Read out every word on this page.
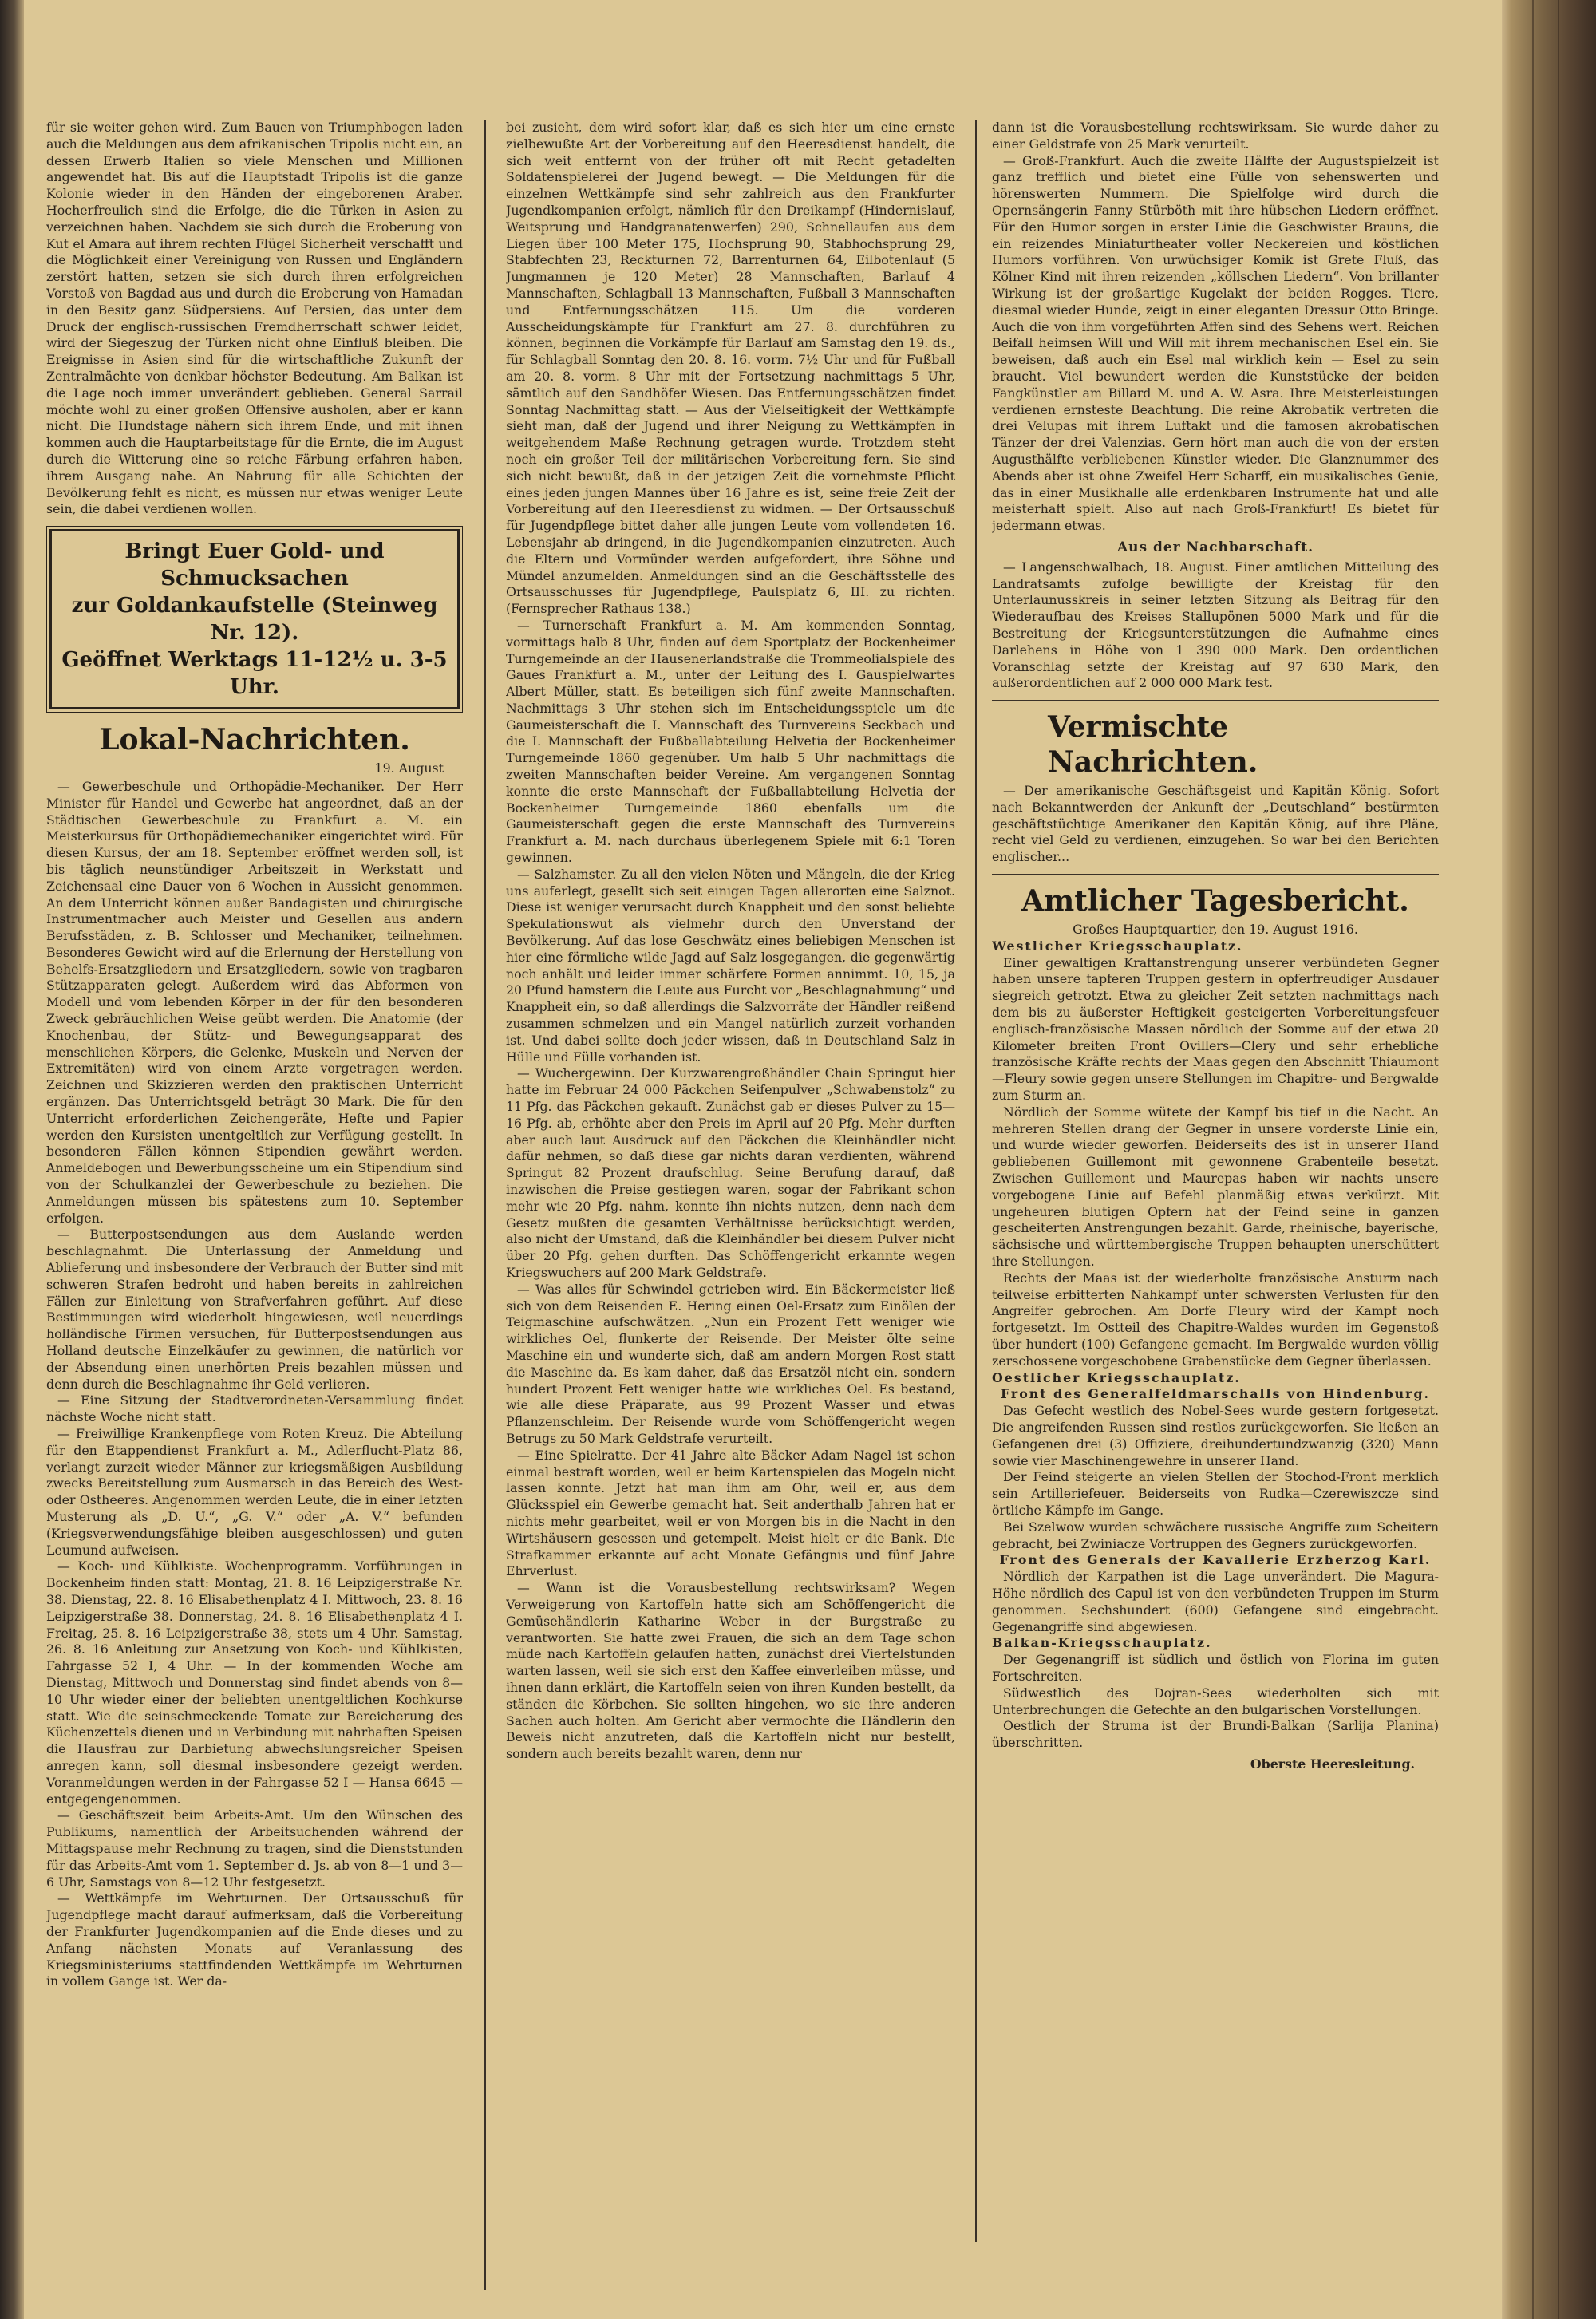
für sie weiter gehen wird. Zum Bauen von Triumphbogen laden auch die Meldungen aus dem afrikanischen Tripolis nicht ein, an dessen Erwerb Italien so viele Menschen und Millionen angewendet hat. Bis auf die Hauptstadt Tripolis ist die ganze Kolonie wieder in den Händen der eingeborenen Araber. Hocherfreulich sind die Erfolge, die die Türken in Asien zu verzeichnen haben. Nachdem sie sich durch die Eroberung von Kut el Amara auf ihrem rechten Flügel Sicherheit verschafft und die Möglichkeit einer Vereinigung von Russen und Engländern zerstört hatten, setzen sie sich durch ihren erfolgreichen Vorstoß von Bagdad aus und durch die Eroberung von Hamadan in den Besitz ganz Südpersiens. Auf Persien, das unter dem Druck der englisch-russischen Fremdherrschaft schwer leidet, wird der Siegeszug der Türken nicht ohne Einfluß bleiben. Die Ereignisse in Asien sind für die wirtschaftliche Zukunft der Zentralmächte von denkbar höchster Bedeutung. Am Balkan ist die Lage noch immer unverändert geblieben. General Sarrail möchte wohl zu einer großen Offensive ausholen, aber er kann nicht. Die Hundstage nähern sich ihrem Ende, und mit ihnen kommen auch die Hauptarbeitstage für die Ernte, die im August durch die Witterung eine so reiche Färbung erfahren haben, ihrem Ausgang nahe. An Nahrung für alle Schichten der Bevölkerung fehlt es nicht, es müssen nur etwas weniger Leute sein, die dabei verdienen wollen.

Bringt Euer Gold- und Schmucksachen
zur Goldankaufstelle (Steinweg Nr. 12).
Geöffnet Werktags 11-12½ u. 3-5 Uhr.
Lokal-Nachrichten.
19. August

— Gewerbeschule und Orthopädie-Mechaniker. Der Herr Minister für Handel und Gewerbe hat angeordnet, daß an der Städtischen Gewerbeschule zu Frankfurt a. M. ein Meisterkursus für Orthopädiemechaniker eingerichtet wird. Für diesen Kursus, der am 18. September eröffnet werden soll, ist bis täglich neunstündiger Arbeitszeit in Werkstatt und Zeichensaal eine Dauer von 6 Wochen in Aussicht genommen. An dem Unterricht können außer Bandagisten und chirurgische Instrumentmacher auch Meister und Gesellen aus andern Berufsstäden, z. B. Schlosser und Mechaniker, teilnehmen. Besonderes Gewicht wird auf die Erlernung der Herstellung von Behelfs-Ersatzgliedern und Ersatzgliedern, sowie von tragbaren Stützapparaten gelegt. Außerdem wird das Abformen von Modell und vom lebenden Körper in der für den besonderen Zweck gebräuchlichen Weise geübt werden. Die Anatomie (der Knochenbau, der Stütz- und Bewegungsapparat des menschlichen Körpers, die Gelenke, Muskeln und Nerven der Extremitäten) wird von einem Arzte vorgetragen werden. Zeichnen und Skizzieren werden den praktischen Unterricht ergänzen. Das Unterrichtsgeld beträgt 30 Mark. Die für den Unterricht erforderlichen Zeichengeräte, Hefte und Papier werden den Kursisten unentgeltlich zur Verfügung gestellt. In besonderen Fällen können Stipendien gewährt werden. Anmeldebogen und Bewerbungsscheine um ein Stipendium sind von der Schulkanzlei der Gewerbeschule zu beziehen. Die Anmeldungen müssen bis spätestens zum 10. September erfolgen.

— Butterpostsendungen aus dem Auslande werden beschlagnahmt. Die Unterlassung der Anmeldung und Ablieferung und insbesondere der Verbrauch der Butter sind mit schweren Strafen bedroht und haben bereits in zahlreichen Fällen zur Einleitung von Strafverfahren geführt. Auf diese Bestimmungen wird wiederholt hingewiesen, weil neuerdings holländische Firmen versuchen, für Butterpostsendungen aus Holland deutsche Einzelkäufer zu gewinnen, die natürlich vor der Absendung einen unerhörten Preis bezahlen müssen und denn durch die Beschlagnahme ihr Geld verlieren.

— Eine Sitzung der Stadtverordneten-Versammlung findet nächste Woche nicht statt.

— Freiwillige Krankenpflege vom Roten Kreuz. Die Abteilung für den Etappendienst Frankfurt a. M., Adlerflucht-Platz 86, verlangt zurzeit wieder Männer zur kriegsmäßigen Ausbildung zwecks Bereitstellung zum Ausmarsch in das Bereich des West- oder Ostheeres. Angenommen werden Leute, die in einer letzten Musterung als „D. U.“, „G. V.“ oder „A. V.“ befunden (Kriegsverwendungsfähige bleiben ausgeschlossen) und guten Leumund aufweisen.

— Koch- und Kühlkiste. Wochenprogramm. Vorführungen in Bockenheim finden statt: Montag, 21. 8. 16 Leipzigerstraße Nr. 38. Dienstag, 22. 8. 16 Elisabethenplatz 4 I. Mittwoch, 23. 8. 16 Leipzigerstraße 38. Donnerstag, 24. 8. 16 Elisabethenplatz 4 I. Freitag, 25. 8. 16 Leipzigerstraße 38, stets um 4 Uhr. Samstag, 26. 8. 16 Anleitung zur Ansetzung von Koch- und Kühlkisten, Fahrgasse 52 I, 4 Uhr. — In der kommenden Woche am Dienstag, Mittwoch und Donnerstag sind findet abends von 8—10 Uhr wieder einer der beliebten unentgeltlichen Kochkurse statt. Wie die seinschmeckende Tomate zur Bereicherung des Küchenzettels dienen und in Verbindung mit nahrhaften Speisen die Hausfrau zur Darbietung abwechslungsreicher Speisen anregen kann, soll diesmal insbesondere gezeigt werden. Voranmeldungen werden in der Fahrgasse 52 I — Hansa 6645 — entgegengenommen.

— Geschäftszeit beim Arbeits-Amt. Um den Wünschen des Publikums, namentlich der Arbeitsuchenden während der Mittagspause mehr Rechnung zu tragen, sind die Dienststunden für das Arbeits-Amt vom 1. September d. Js. ab von 8—1 und 3—6 Uhr, Samstags von 8—12 Uhr festgesetzt.

— Wettkämpfe im Wehrturnen. Der Ortsausschuß für Jugendpflege macht darauf aufmerksam, daß die Vorbereitung der Frankfurter Jugendkompanien auf die Ende dieses und zu Anfang nächsten Monats auf Veranlassung des Kriegsministeriums stattfindenden Wettkämpfe im Wehrturnen in vollem Gange ist. Wer da-

bei zusieht, dem wird sofort klar, daß es sich hier um eine ernste zielbewußte Art der Vorbereitung auf den Heeresdienst handelt, die sich weit entfernt von der früher oft mit Recht getadelten Soldatenspielerei der Jugend bewegt. — Die Meldungen für die einzelnen Wettkämpfe sind sehr zahlreich aus den Frankfurter Jugendkompanien erfolgt, nämlich für den Dreikampf (Hindernislauf, Weitsprung und Handgranatenwerfen) 290, Schnellaufen aus dem Liegen über 100 Meter 175, Hochsprung 90, Stabhochsprung 29, Stabfechten 23, Reckturnen 72, Barrenturnen 64, Eilbotenlauf (5 Jungmannen je 120 Meter) 28 Mannschaften, Barlauf 4 Mannschaften, Schlagball 13 Mannschaften, Fußball 3 Mannschaften und Entfernungsschätzen 115. Um die vorderen Ausscheidungskämpfe für Frankfurt am 27. 8. durchführen zu können, beginnen die Vorkämpfe für Barlauf am Samstag den 19. ds., für Schlagball Sonntag den 20. 8. 16. vorm. 7½ Uhr und für Fußball am 20. 8. vorm. 8 Uhr mit der Fortsetzung nachmittags 5 Uhr, sämtlich auf den Sandhöfer Wiesen. Das Entfernungsschätzen findet Sonntag Nachmittag statt. — Aus der Vielseitigkeit der Wettkämpfe sieht man, daß der Jugend und ihrer Neigung zu Wettkämpfen in weitgehendem Maße Rechnung getragen wurde. Trotzdem steht noch ein großer Teil der militärischen Vorbereitung fern. Sie sind sich nicht bewußt, daß in der jetzigen Zeit die vornehmste Pflicht eines jeden jungen Mannes über 16 Jahre es ist, seine freie Zeit der Vorbereitung auf den Heeresdienst zu widmen. — Der Ortsausschuß für Jugendpflege bittet daher alle jungen Leute vom vollendeten 16. Lebensjahr ab dringend, in die Jugendkompanien einzutreten. Auch die Eltern und Vormünder werden aufgefordert, ihre Söhne und Mündel anzumelden. Anmeldungen sind an die Geschäftsstelle des Ortsausschusses für Jugendpflege, Paulsplatz 6, III. zu richten. (Fernsprecher Rathaus 138.)

— Turnerschaft Frankfurt a. M. Am kommenden Sonntag, vormittags halb 8 Uhr, finden auf dem Sportplatz der Bockenheimer Turngemeinde an der Hausenerlandstraße die Trommeolialspiele des Gaues Frankfurt a. M., unter der Leitung des I. Gauspielwartes Albert Müller, statt. Es beteiligen sich fünf zweite Mannschaften. Nachmittags 3 Uhr stehen sich im Entscheidungsspiele um die Gaumeisterschaft die I. Mannschaft des Turnvereins Seckbach und die I. Mannschaft der Fußballabteilung Helvetia der Bockenheimer Turngemeinde 1860 gegenüber. Um halb 5 Uhr nachmittags die zweiten Mannschaften beider Vereine. Am vergangenen Sonntag konnte die erste Mannschaft der Fußballabteilung Helvetia der Bockenheimer Turngemeinde 1860 ebenfalls um die Gaumeisterschaft gegen die erste Mannschaft des Turnvereins Frankfurt a. M. nach durchaus überlegenem Spiele mit 6:1 Toren gewinnen.

— Salzhamster. Zu all den vielen Nöten und Mängeln, die der Krieg uns auferlegt, gesellt sich seit einigen Tagen allerorten eine Salznot. Diese ist weniger verursacht durch Knappheit und den sonst beliebte Spekulationswut als vielmehr durch den Unverstand der Bevölkerung. Auf das lose Geschwätz eines beliebigen Menschen ist hier eine förmliche wilde Jagd auf Salz losgegangen, die gegenwärtig noch anhält und leider immer schärfere Formen annimmt. 10, 15, ja 20 Pfund hamstern die Leute aus Furcht vor „Beschlagnahmung“ und Knappheit ein, so daß allerdings die Salzvorräte der Händler reißend zusammen schmelzen und ein Mangel natürlich zurzeit vorhanden ist. Und dabei sollte doch jeder wissen, daß in Deutschland Salz in Hülle und Fülle vorhanden ist.

— Wuchergewinn. Der Kurzwarengroßhändler Chain Springut hier hatte im Februar 24 000 Päckchen Seifenpulver „Schwabenstolz“ zu 11 Pfg. das Päckchen gekauft. Zunächst gab er dieses Pulver zu 15—16 Pfg. ab, erhöhte aber den Preis im April auf 20 Pfg. Mehr durften aber auch laut Ausdruck auf den Päckchen die Kleinhändler nicht dafür nehmen, so daß diese gar nichts daran verdienten, während Springut 82 Prozent draufschlug. Seine Berufung darauf, daß inzwischen die Preise gestiegen waren, sogar der Fabrikant schon mehr wie 20 Pfg. nahm, konnte ihn nichts nutzen, denn nach dem Gesetz mußten die gesamten Verhältnisse berücksichtigt werden, also nicht der Umstand, daß die Kleinhändler bei diesem Pulver nicht über 20 Pfg. gehen durften. Das Schöffengericht erkannte wegen Kriegswuchers auf 200 Mark Geldstrafe.

— Was alles für Schwindel getrieben wird. Ein Bäckermeister ließ sich von dem Reisenden E. Hering einen Oel-Ersatz zum Einölen der Teigmaschine aufschwätzen. „Nun ein Prozent Fett weniger wie wirkliches Oel, flunkerte der Reisende. Der Meister ölte seine Maschine ein und wunderte sich, daß am andern Morgen Rost statt die Maschine da. Es kam daher, daß das Ersatzöl nicht ein, sondern hundert Prozent Fett weniger hatte wie wirkliches Oel. Es bestand, wie alle diese Präparate, aus 99 Prozent Wasser und etwas Pflanzenschleim. Der Reisende wurde vom Schöffengericht wegen Betrugs zu 50 Mark Geldstrafe verurteilt.

— Eine Spielratte. Der 41 Jahre alte Bäcker Adam Nagel ist schon einmal bestraft worden, weil er beim Kartenspielen das Mogeln nicht lassen konnte. Jetzt hat man ihm am Ohr, weil er, aus dem Glücksspiel ein Gewerbe gemacht hat. Seit anderthalb Jahren hat er nichts mehr gearbeitet, weil er von Morgen bis in die Nacht in den Wirtshäusern gesessen und getempelt. Meist hielt er die Bank. Die Strafkammer erkannte auf acht Monate Gefängnis und fünf Jahre Ehrverlust.

— Wann ist die Vorausbestellung rechtswirksam? Wegen Verweigerung von Kartoffeln hatte sich am Schöffengericht die Gemüsehändlerin Katharine Weber in der Burgstraße zu verantworten. Sie hatte zwei Frauen, die sich an dem Tage schon müde nach Kartoffeln gelaufen hatten, zunächst drei Viertelstunden warten lassen, weil sie sich erst den Kaffee einverleiben müsse, und ihnen dann erklärt, die Kartoffeln seien von ihren Kunden bestellt, da ständen die Körbchen. Sie sollten hingehen, wo sie ihre anderen Sachen auch holten. Am Gericht aber vermochte die Händlerin den Beweis nicht anzutreten, daß die Kartoffeln nicht nur bestellt, sondern auch bereits bezahlt waren, denn nur

dann ist die Vorausbestellung rechtswirksam. Sie wurde daher zu einer Geldstrafe von 25 Mark verurteilt.

— Groß-Frankfurt. Auch die zweite Hälfte der Augustspielzeit ist ganz trefflich und bietet eine Fülle von sehenswerten und hörenswerten Nummern. Die Spielfolge wird durch die Opernsängerin Fanny Stürböth mit ihre hübschen Liedern eröffnet. Für den Humor sorgen in erster Linie die Geschwister Brauns, die ein reizendes Miniaturtheater voller Neckereien und köstlichen Humors vorführen. Von urwüchsiger Komik ist Grete Fluß, das Kölner Kind mit ihren reizenden „köllschen Liedern“. Von brillanter Wirkung ist der großartige Kugelakt der beiden Rogges. Tiere, diesmal wieder Hunde, zeigt in einer eleganten Dressur Otto Bringe. Auch die von ihm vorgeführten Affen sind des Sehens wert. Reichen Beifall heimsen Will und Will mit ihrem mechanischen Esel ein. Sie beweisen, daß auch ein Esel mal wirklich kein — Esel zu sein braucht. Viel bewundert werden die Kunststücke der beiden Fangkünstler am Billard M. und A. W. Asra. Ihre Meisterleistungen verdienen ernsteste Beachtung. Die reine Akrobatik vertreten die drei Velupas mit ihrem Luftakt und die famosen akrobatischen Tänzer der drei Valenzias. Gern hört man auch die von der ersten Augusthälfte verbliebenen Künstler wieder. Die Glanznummer des Abends aber ist ohne Zweifel Herr Scharff, ein musikalisches Genie, das in einer Musikhalle alle erdenkbaren Instrumente hat und alle meisterhaft spielt. Also auf nach Groß-Frankfurt! Es bietet für jedermann etwas.

Aus der Nachbarschaft.

— Langenschwalbach, 18. August. Einer amtlichen Mitteilung des Landratsamts zufolge bewilligte der Kreistag für den Unterlaunusskreis in seiner letzten Sitzung als Beitrag für den Wiederaufbau des Kreises Stallupönen 5000 Mark und für die Bestreitung der Kriegsunterstützungen die Aufnahme eines Darlehens in Höhe von 1 390 000 Mark. Den ordentlichen Voranschlag setzte der Kreistag auf 97 630 Mark, den außerordentlichen auf 2 000 000 Mark fest.

Vermischte Nachrichten.

— Der amerikanische Geschäftsgeist und Kapitän König. Sofort nach Bekanntwerden der Ankunft der „Deutschland“ bestürmten geschäftstüchtige Amerikaner den Kapitän König, auf ihre Pläne, recht viel Geld zu verdienen, einzugehen. So war bei den Berichten englischer...

Amtlicher Tagesbericht.

Großes Hauptquartier, den 19. August 1916.

Westlicher Kriegsschauplatz.

Einer gewaltigen Kraftanstrengung unserer verbündeten Gegner haben unsere tapferen Truppen gestern in opferfreudiger Ausdauer siegreich getrotzt. Etwa zu gleicher Zeit setzten nachmittags nach dem bis zu äußerster Heftigkeit gesteigerten Vorbereitungsfeuer englisch-französische Massen nördlich der Somme auf der etwa 20 Kilometer breiten Front Ovillers—Clery und sehr erhebliche französische Kräfte rechts der Maas gegen den Abschnitt Thiaumont—Fleury sowie gegen unsere Stellungen im Chapitre- und Bergwalde zum Sturm an.

Nördlich der Somme wütete der Kampf bis tief in die Nacht. An mehreren Stellen drang der Gegner in unsere vorderste Linie ein, und wurde wieder geworfen. Beiderseits des ist in unserer Hand gebliebenen Guillemont mit gewonnene Grabenteile besetzt. Zwischen Guillemont und Maurepas haben wir nachts unsere vorgebogene Linie auf Befehl planmäßig etwas verkürzt. Mit ungeheuren blutigen Opfern hat der Feind seine in ganzen gescheiterten Anstrengungen bezahlt. Garde, rheinische, bayerische, sächsische und württembergische Truppen behaupten unerschüttert ihre Stellungen.

Rechts der Maas ist der wiederholte französische Ansturm nach teilweise erbitterten Nahkampf unter schwersten Verlusten für den Angreifer gebrochen. Am Dorfe Fleury wird der Kampf noch fortgesetzt. Im Ostteil des Chapitre-Waldes wurden im Gegenstoß über hundert (100) Gefangene gemacht. Im Bergwalde wurden völlig zerschossene vorgeschobene Grabenstücke dem Gegner überlassen.

Oestlicher Kriegsschauplatz.

Front des Generalfeldmarschalls von Hindenburg.

Das Gefecht westlich des Nobel-Sees wurde gestern fortgesetzt. Die angreifenden Russen sind restlos zurückgeworfen. Sie ließen an Gefangenen drei (3) Offiziere, dreihundertundzwanzig (320) Mann sowie vier Maschinengewehre in unserer Hand.

Der Feind steigerte an vielen Stellen der Stochod-Front merklich sein Artilleriefeuer. Beiderseits von Rudka—Czerewiszcze sind örtliche Kämpfe im Gange.

Bei Szelwow wurden schwächere russische Angriffe zum Scheitern gebracht, bei Zwiniacze Vortruppen des Gegners zurückgeworfen.

Front des Generals der Kavallerie Erzherzog Karl.

Nördlich der Karpathen ist die Lage unverändert. Die Magura-Höhe nördlich des Capul ist von den verbündeten Truppen im Sturm genommen. Sechshundert (600) Gefangene sind eingebracht. Gegenangriffe sind abgewiesen.

Balkan-Kriegsschauplatz.

Der Gegenangriff ist südlich und östlich von Florina im guten Fortschreiten.

Südwestlich des Dojran-Sees wiederholten sich mit Unterbrechungen die Gefechte an den bulgarischen Vorstellungen.

Oestlich der Struma ist der Brundi-Balkan (Sarlija Planina) überschritten.

Oberste Heeresleitung.
